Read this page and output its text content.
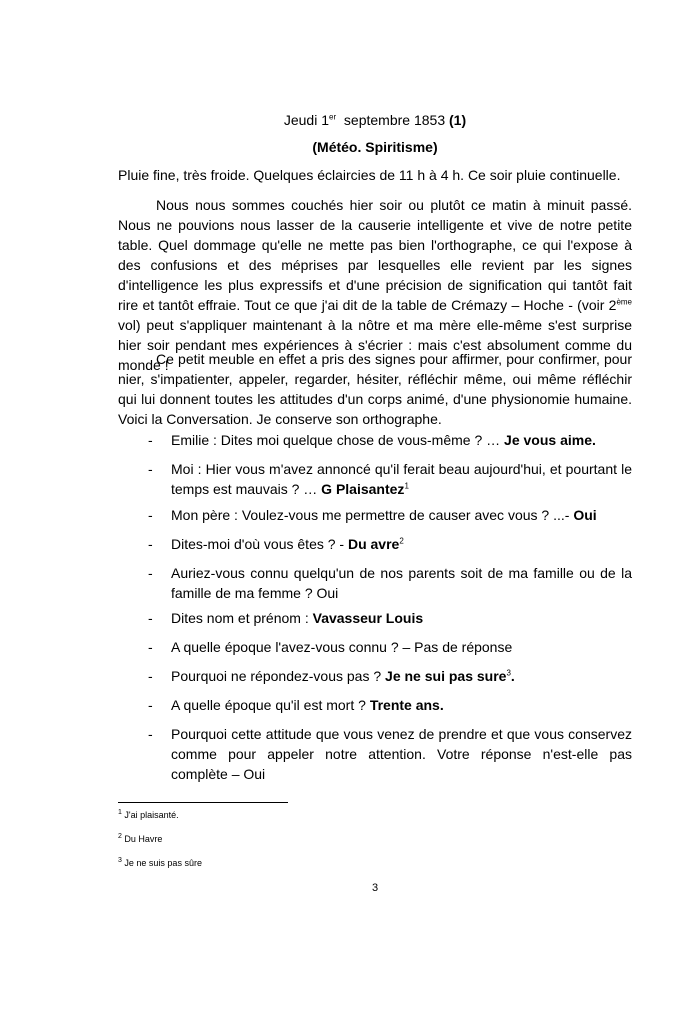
Jeudi 1er septembre 1853 (1)
(Météo. Spiritisme)
Pluie fine, très froide. Quelques éclaircies de 11 h à 4 h. Ce soir pluie continuelle.
Nous nous sommes couchés hier soir ou plutôt ce matin à minuit passé. Nous ne pouvions nous lasser de la causerie intelligente et vive de notre petite table. Quel dommage qu'elle ne mette pas bien l'orthographe, ce qui l'expose à des confusions et des méprises par lesquelles elle revient par les signes d'intelligence les plus expressifs et d'une précision de signification qui tantôt fait rire et tantôt effraie. Tout ce que j'ai dit de la table de Crémazy – Hoche - (voir 2ème vol) peut s'appliquer maintenant à la nôtre et ma mère elle-même s'est surprise hier soir pendant mes expériences à s'écrier : mais c'est absolument comme du monde !
Ce petit meuble en effet a pris des signes pour affirmer, pour confirmer, pour nier, s'impatienter, appeler, regarder, hésiter, réfléchir même, oui même réfléchir qui lui donnent toutes les attitudes d'un corps animé, d'une physionomie humaine. Voici la Conversation. Je conserve son orthographe.
- Emilie : Dites moi quelque chose de vous-même ? … Je vous aime.
- Moi : Hier vous m'avez annoncé qu'il ferait beau aujourd'hui, et pourtant le temps est mauvais ? … G Plaisantez$^1$
- Mon père : Voulez-vous me permettre de causer avec vous ? ...- Oui
- Dites-moi d'où vous êtes ? - Du avre$^2$
- Auriez-vous connu quelqu'un de nos parents soit de ma famille ou de la famille de ma femme ? Oui
- Dites nom et prénom : Vavasseur Louis
- A quelle époque l'avez-vous connu ? – Pas de réponse
- Pourquoi ne répondez-vous pas ? Je ne sui pas sure$^3$.
- A quelle époque qu'il est mort ? Trente ans.
- Pourquoi cette attitude que vous venez de prendre et que vous conservez comme pour appeler notre attention. Votre réponse n'est-elle pas complète – Oui
$^1$ J'ai plaisanté.
$^2$ Du Havre
$^3$ Je ne suis pas sûre
3
